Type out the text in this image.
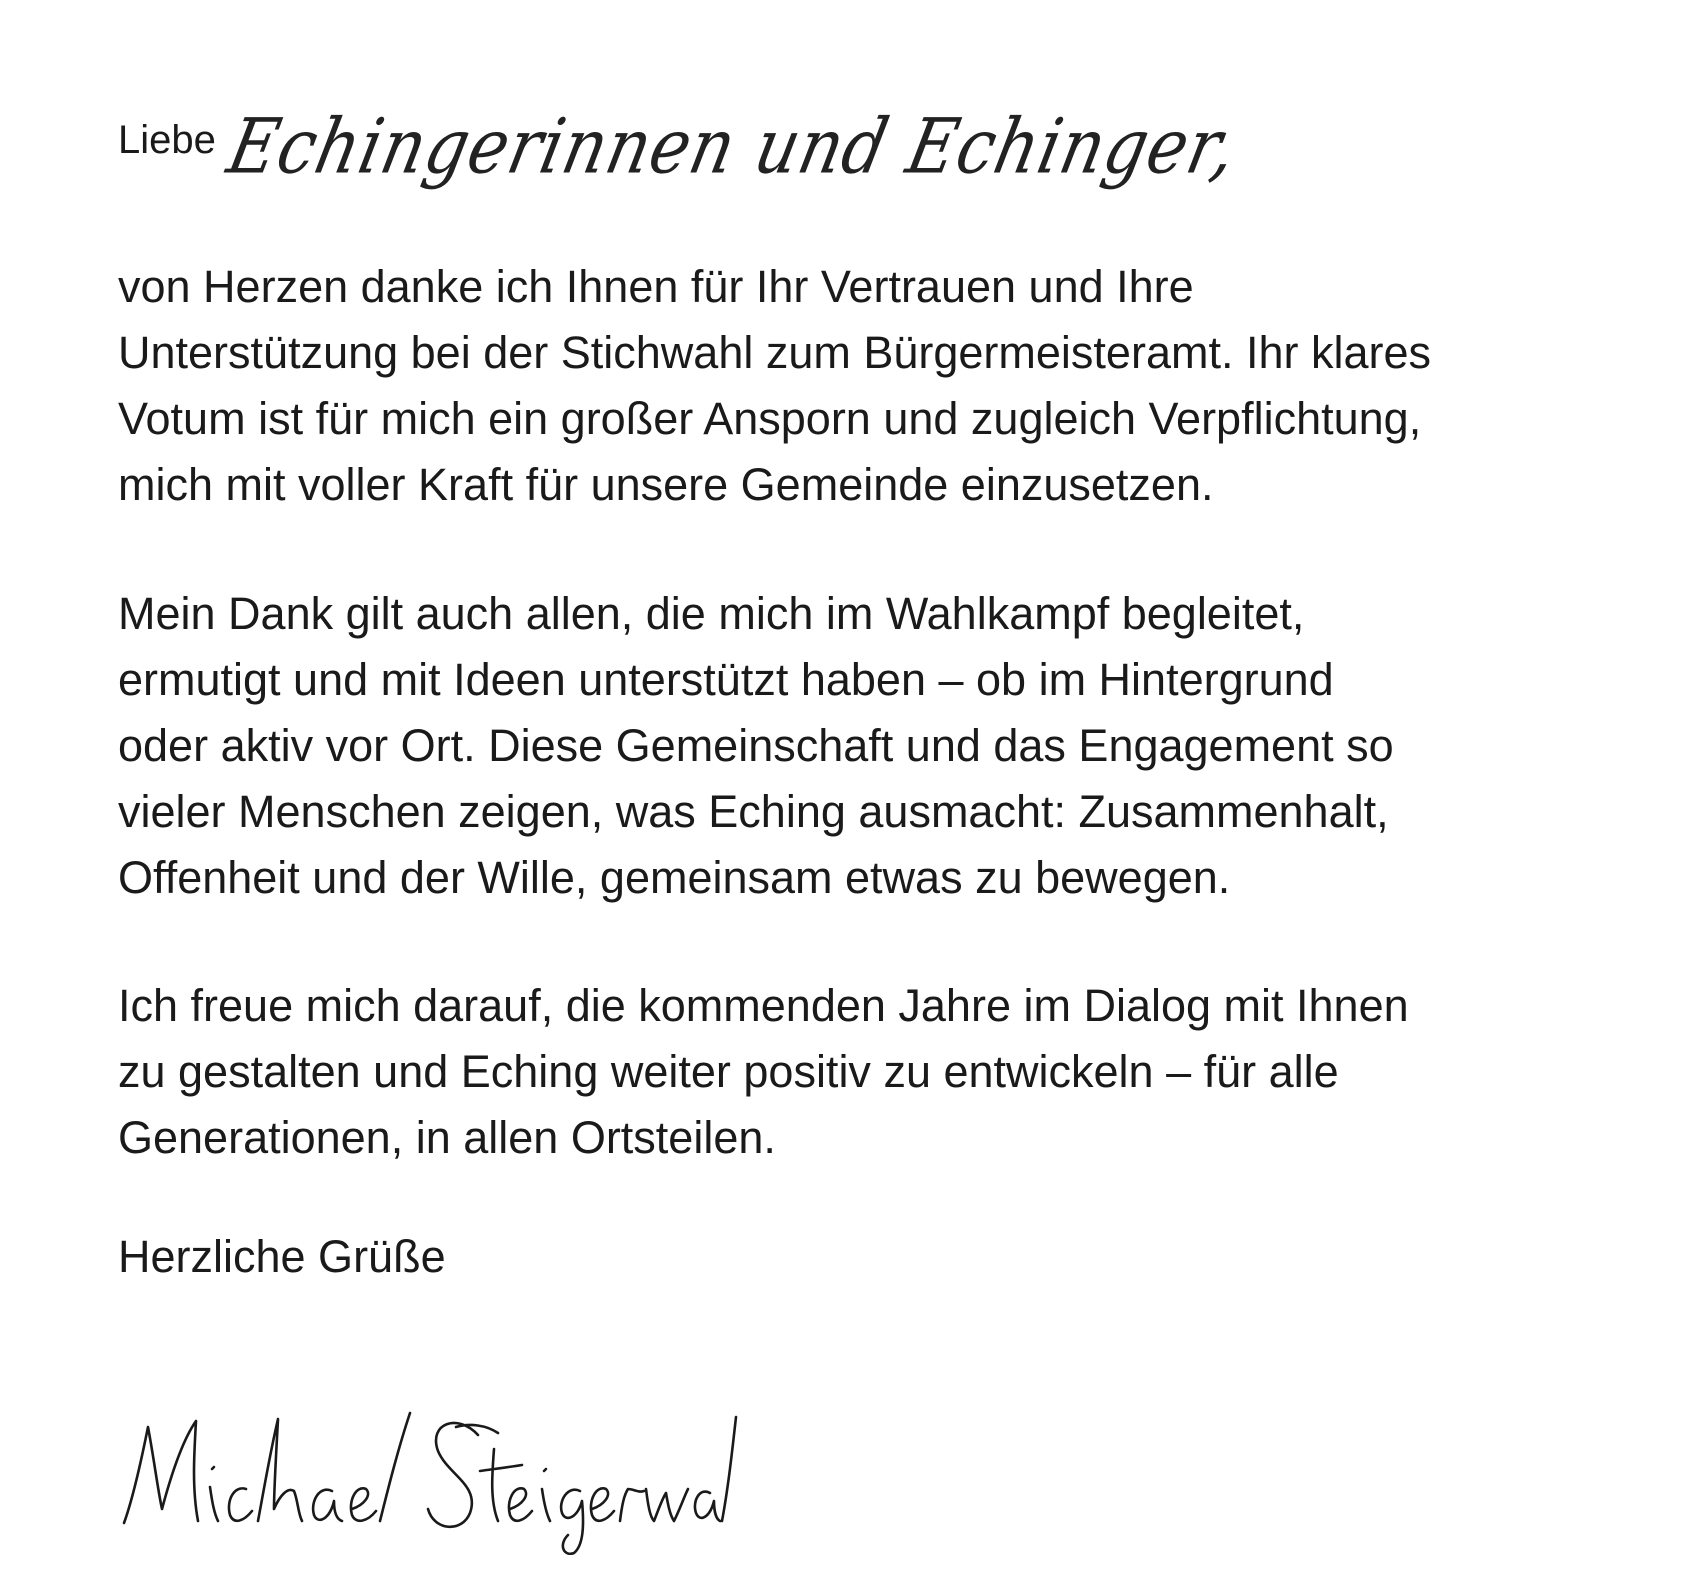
Liebe Echingerinnen und Echinger,

von Herzen danke ich Ihnen für Ihr Vertrauen und Ihre
Unterstützung bei der Stichwahl zum Bürgermeisteramt. Ihr klares
Votum ist für mich ein großer Ansporn und zugleich Verpflichtung,
mich mit voller Kraft für unsere Gemeinde einzusetzen.

Mein Dank gilt auch allen, die mich im Wahlkampf begleitet,
ermutigt und mit Ideen unterstützt haben – ob im Hintergrund
oder aktiv vor Ort. Diese Gemeinschaft und das Engagement so
vieler Menschen zeigen, was Eching ausmacht: Zusammenhalt,
Offenheit und der Wille, gemeinsam etwas zu bewegen.

Ich freue mich darauf, die kommenden Jahre im Dialog mit Ihnen
zu gestalten und Eching weiter positiv zu entwickeln – für alle
Generationen, in allen Ortsteilen.

Herzliche Grüße
